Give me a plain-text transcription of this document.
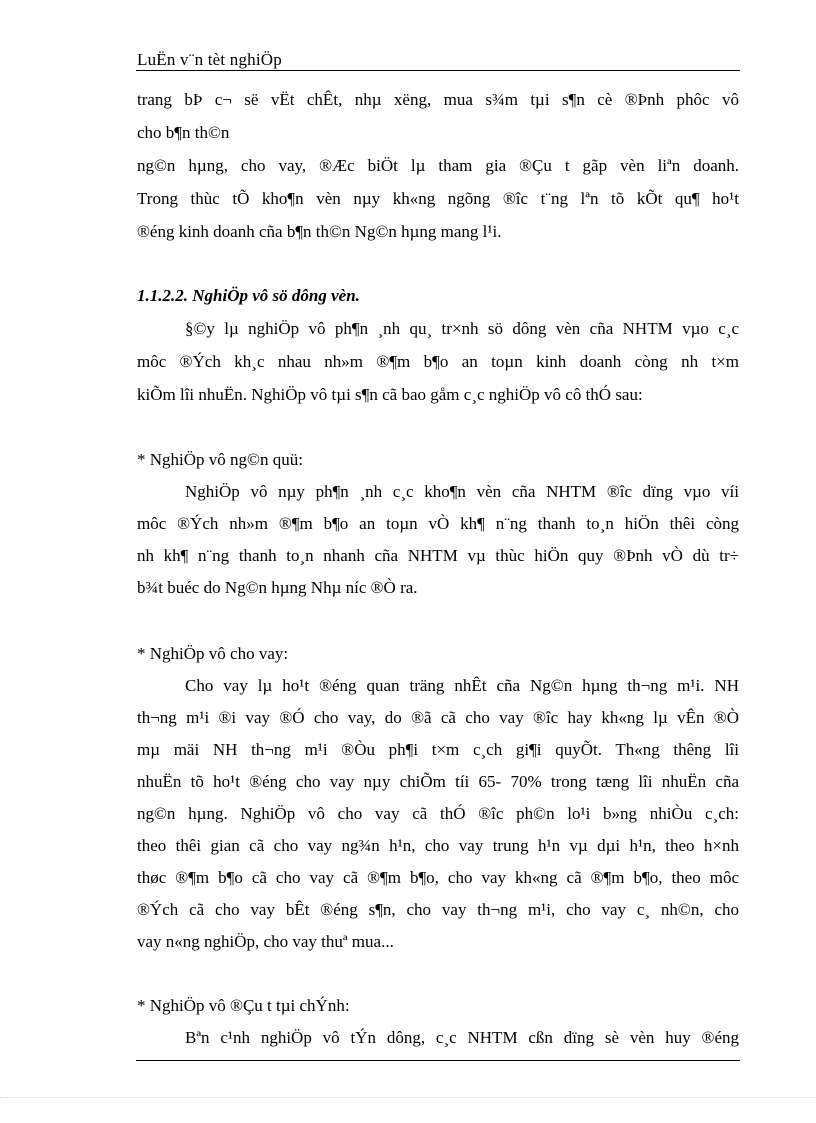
LuËn v¨n tèt nghiÖp
trang bÞ c¬ së vËt chÊt, nhµ xëng, mua s¾m tµi s¶n cè ®Þnh phôc vô
cho b¶n th©n
ng©n hµng, cho vay, ®Æc biÖt lµ tham gia ®Çu t gãp vèn liªn doanh.
Trong thùc tÕ kho¶n vèn nµy kh«ng ngõng ®îc t¨ng lªn tõ kÕt qu¶ ho¹t
®éng kinh doanh cña b¶n th©n Ng©n hµng mang l¹i.
1.1.2.2. NghiÖp vô sö dông vèn.
§©y lµ nghiÖp vô ph¶n ¸nh qu¸ tr×nh sö dông vèn cña NHTM vµo c¸c
môc ®Ých kh¸c nhau nh»m ®¶m b¶o an toµn kinh doanh còng nh t×m
kiÕm lîi nhuËn. NghiÖp vô tµi s¶n cã bao gåm c¸c nghiÖp vô cô thÓ sau:
* NghiÖp vô ng©n quü:
NghiÖp vô nµy ph¶n ¸nh c¸c kho¶n vèn cña NHTM ®îc dïng vµo víi
môc ®Ých nh»m ®¶m b¶o an toµn vÒ kh¶ n¨ng thanh to¸n hiÖn thêi còng
nh kh¶ n¨ng thanh to¸n nhanh cña NHTM vµ thùc hiÖn quy ®Þnh vÒ dù tr÷
b¾t buéc do Ng©n hµng Nhµ níc ®Ò ra.
* NghiÖp vô cho vay:
Cho vay lµ ho¹t ®éng quan träng nhÊt cña Ng©n hµng th¬ng m¹i. NH
th¬ng m¹i ®i vay ®Ó cho vay, do ®ã cã cho vay ®îc hay kh«ng lµ vÊn ®Ò
mµ mäi NH th¬ng m¹i ®Òu ph¶i t×m c¸ch gi¶i quyÕt. Th«ng thêng lîi
nhuËn tõ ho¹t ®éng cho vay nµy chiÕm tíi 65- 70% trong tæng lîi nhuËn cña
ng©n hµng. NghiÖp vô cho vay cã thÓ ®îc ph©n lo¹i b»ng nhiÒu c¸ch:
theo thêi gian cã cho vay ng¾n h¹n, cho vay trung h¹n vµ dµi h¹n, theo h×nh
thøc ®¶m b¶o cã cho vay cã ®¶m b¶o, cho vay kh«ng cã ®¶m b¶o, theo môc
®Ých cã cho vay bÊt ®éng s¶n, cho vay th¬ng m¹i, cho vay c¸ nh©n, cho
vay n«ng nghiÖp, cho vay thuª mua...
* NghiÖp vô ®Çu t tµi chÝnh:
Bªn c¹nh nghiÖp vô tÝn dông, c¸c NHTM cßn dïng sè vèn huy ®éng
